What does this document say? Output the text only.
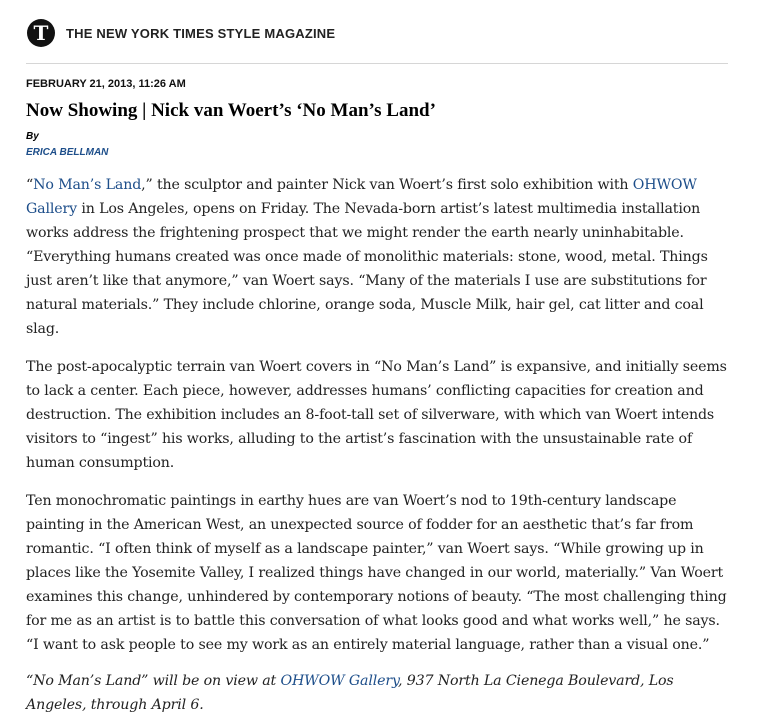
T THE NEW YORK TIMES STYLE MAGAZINE
FEBRUARY 21, 2013, 11:26 AM
Now Showing | Nick van Woert’s ‘No Man’s Land’
By
ERICA BELLMAN

“No Man’s Land,” the sculptor and painter Nick van Woert’s first solo exhibition with OHWOW Gallery in Los Angeles, opens on Friday. The Nevada-born artist’s latest multimedia installation works address the frightening prospect that we might render the earth nearly uninhabitable. “Everything humans created was once made of monolithic materials: stone, wood, metal. Things just aren’t like that anymore,” van Woert says. “Many of the materials I use are substitutions for natural materials.” They include chlorine, orange soda, Muscle Milk, hair gel, cat litter and coal slag.

The post-apocalyptic terrain van Woert covers in “No Man’s Land” is expansive, and initially seems to lack a center. Each piece, however, addresses humans’ conflicting capacities for creation and destruction. The exhibition includes an 8-foot-tall set of silverware, with which van Woert intends visitors to “ingest” his works, alluding to the artist’s fascination with the unsustainable rate of human consumption.

Ten monochromatic paintings in earthy hues are van Woert’s nod to 19th-century landscape painting in the American West, an unexpected source of fodder for an aesthetic that’s far from romantic. “I often think of myself as a landscape painter,” van Woert says. “While growing up in places like the Yosemite Valley, I realized things have changed in our world, materially.” Van Woert examines this change, unhindered by contemporary notions of beauty. “The most challenging thing for me as an artist is to battle this conversation of what looks good and what works well,” he says. “I want to ask people to see my work as an entirely material language, rather than a visual one.”

“No Man’s Land” will be on view at OHWOW Gallery, 937 North La Cienega Boulevard, Los Angeles, through April 6.
